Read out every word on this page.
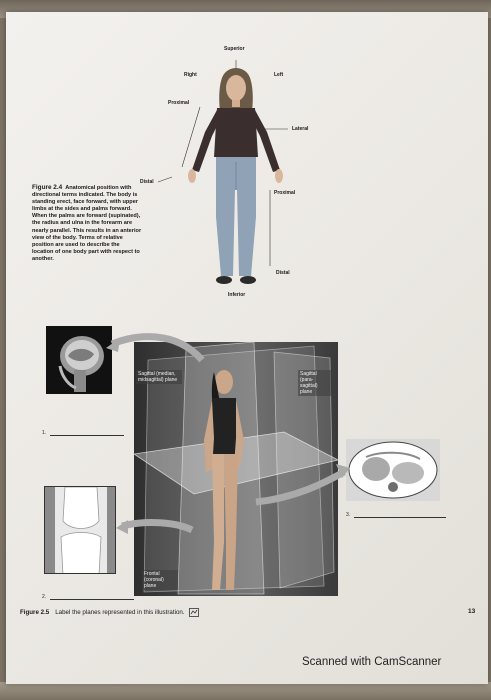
Superior
Right	Left
Proximal
Lateral
Distal
Proximal
Distal
Inferior
Figure 2.4 Anatomical position with directional terms indicated. The body is standing erect, face forward, with upper limbs at the sides and palms forward. When the palms are forward (supinated), the radius and ulna in the forearm are nearly parallel. This results in an anterior view of the body. Terms of relative position are used to describe the location of one body part with respect to another.
Sagittal (median, midsagittal) plane
Sagittal (para-sagittal) plane
Frontal (coronal) plane
1.
2.
3.
Figure 2.5 Label the planes represented in this illustration.	13
Scanned with CamScanner
